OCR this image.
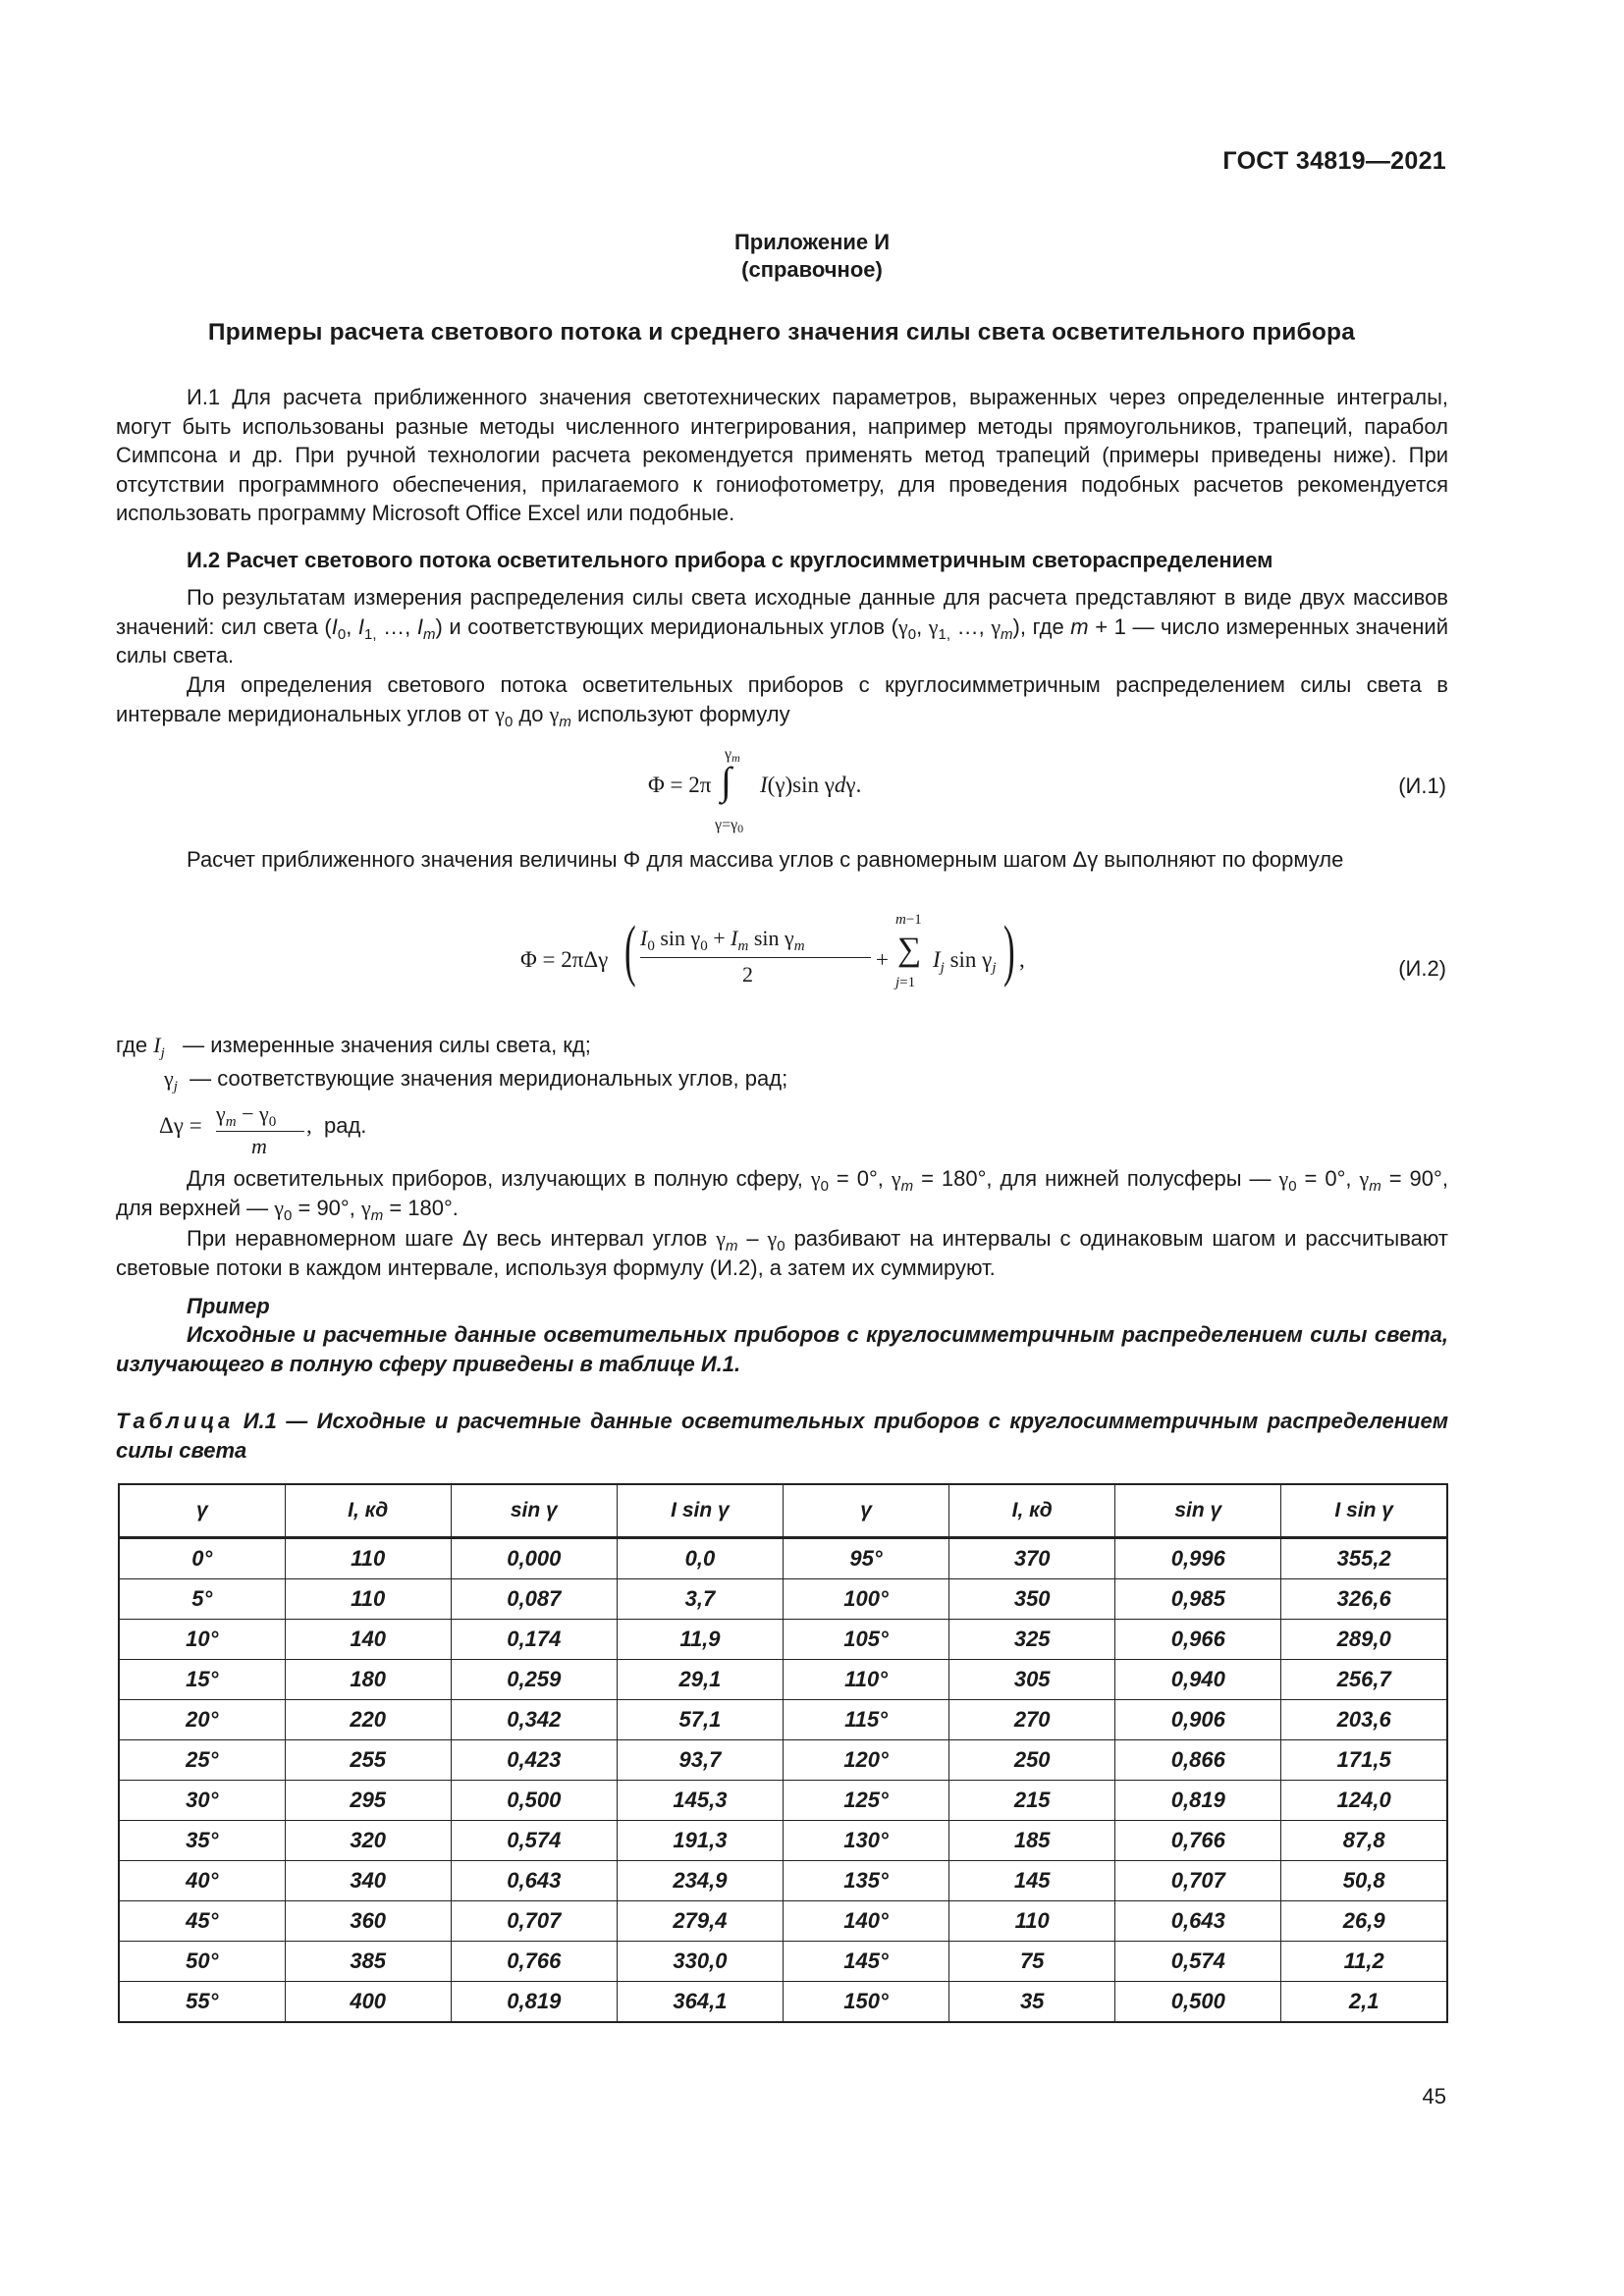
ГОСТ 34819—2021
Приложение И
(справочное)
Примеры расчета светового потока и среднего значения силы света осветительного прибора

И.1 Для расчета приближенного значения светотехнических параметров, выраженных через определенные интегралы, могут быть использованы разные методы численного интегрирования, например методы прямоугольников, трапеций, парабол Симпсона и др. При ручной технологии расчета рекомендуется применять метод трапеций (примеры приведены ниже). При отсутствии программного обеспечения, прилагаемого к гониофотометру, для проведения подобных расчетов рекомендуется использовать программу Microsoft Office Excel или подобные.

И.2 Расчет светового потока осветительного прибора с круглосимметричным светораспределением

По результатам измерения распределения силы света исходные данные для расчета представляют в виде двух массивов значений: сил света ($I_0$, $I_{1,}$ …, $I_m$) и соответствующих меридиональных углов ($\gamma_0$, $\gamma_{1,}$ …, $\gamma_m$), где m + 1 — число измеренных значений силы света.

Для определения светового потока осветительных приборов с круглосимметричным распределением силы света в интервале меридиональных углов от $\gamma_0$ до $\gamma_m$ используют формулу

Φ = 2π ∫
$\gamma_m$
$\gamma=\gamma_0$
I(γ)sin γdγ.	(И.1)

Расчет приближенного значения величины Φ для массива углов с равномерным шагом Δγ выполняют по формуле

Φ = 2πΔγ ( $I_0$ $\sin \gamma_0 + I_m$ $\sin \gamma_m$
2
+
m−1
∑
j=1
$I_j$ $\sin \gamma_j$ ) ,	(И.2)
где $I_j$ — измеренные значения силы света, кд;
$\gamma_j$ — соответствующие значения меридиональных углов, рад;
$\Delta\gamma = \gamma_m - \gamma_0$
m
, рад.

Для осветительных приборов, излучающих в полную сферу, $\gamma_0 = 0^\circ$, $\gamma_m = 180^\circ$, для нижней полусферы — $\gamma_0 = 0^\circ$, $\gamma_m = 90^\circ$, для верхней — $\gamma_0 = 90^\circ$, $\gamma_m = 180^\circ$.

При неравномерном шаге Δγ весь интервал углов $\gamma_m - \gamma_0$ разбивают на интервалы с одинаковым шагом и рассчитывают световые потоки в каждом интервале, используя формулу (И.2), а затем их суммируют.

Пример

Исходные и расчетные данные осветительных приборов с круглосимметричным распределением силы света, излучающего в полную сферу приведены в таблице И.1.

Таблица И.1 — Исходные и расчетные данные осветительных приборов с круглосимметричным распределением силы света

γ	I, кд	sin γ	I sin γ	γ	I, кд	sin γ	I sin γ
0°	110	0,000	0,0	95°	370	0,996	355,2
5°	110	0,087	3,7	100°	350	0,985	326,6
10°	140	0,174	11,9	105°	325	0,966	289,0
15°	180	0,259	29,1	110°	305	0,940	256,7
20°	220	0,342	57,1	115°	270	0,906	203,6
25°	255	0,423	93,7	120°	250	0,866	171,5
30°	295	0,500	145,3	125°	215	0,819	124,0
35°	320	0,574	191,3	130°	185	0,766	87,8
40°	340	0,643	234,9	135°	145	0,707	50,8
45°	360	0,707	279,4	140°	110	0,643	26,9
50°	385	0,766	330,0	145°	75	0,574	11,2
55°	400	0,819	364,1	150°	35	0,500	2,1
45
